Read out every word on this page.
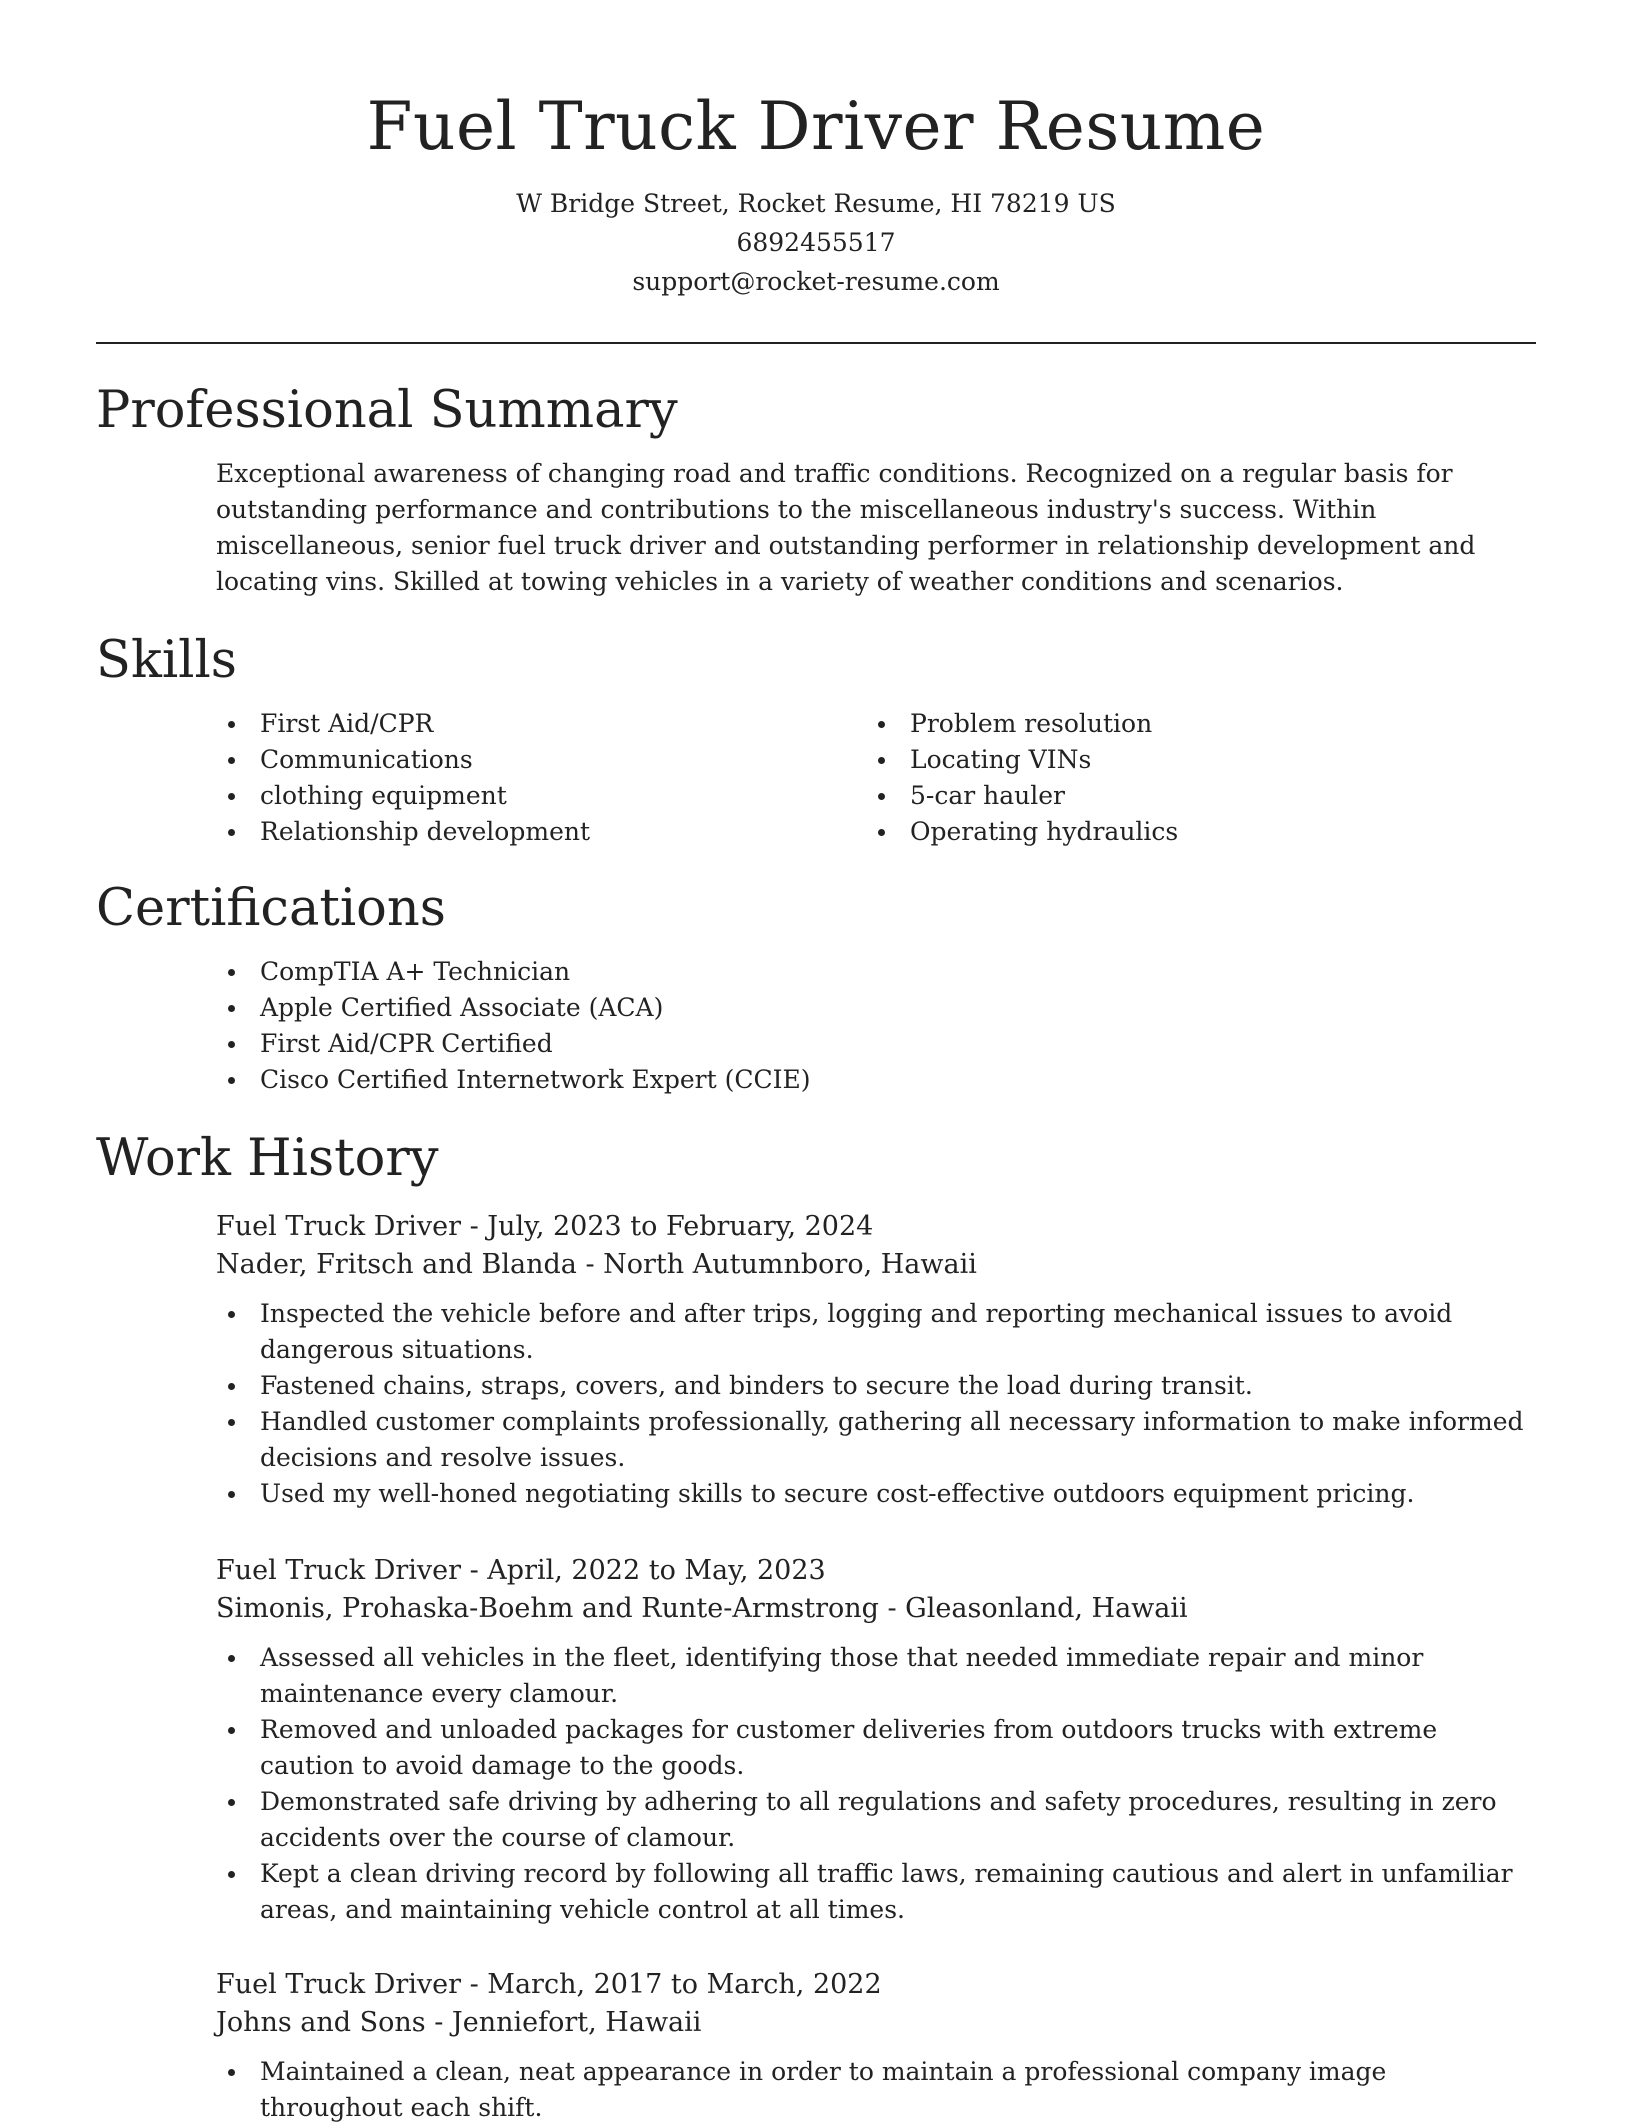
Fuel Truck Driver Resume
W Bridge Street, Rocket Resume, HI 78219 US
6892455517
support@rocket-resume.com
Professional Summary
Exceptional awareness of changing road and traffic conditions. Recognized on a regular basis for outstanding performance and contributions to the miscellaneous industry's success. Within miscellaneous, senior fuel truck driver and outstanding performer in relationship development and locating vins. Skilled at towing vehicles in a variety of weather conditions and scenarios.
Skills
First Aid/CPR
Communications
clothing equipment
Relationship development
Problem resolution
Locating VINs
5-car hauler
Operating hydraulics
Certifications
CompTIA A+ Technician
Apple Certified Associate (ACA)
First Aid/CPR Certified
Cisco Certified Internetwork Expert (CCIE)
Work History
Fuel Truck Driver - July, 2023 to February, 2024
Nader, Fritsch and Blanda - North Autumnboro, Hawaii
Inspected the vehicle before and after trips, logging and reporting mechanical issues to avoid dangerous situations.
Fastened chains, straps, covers, and binders to secure the load during transit.
Handled customer complaints professionally, gathering all necessary information to make informed decisions and resolve issues.
Used my well-honed negotiating skills to secure cost-effective outdoors equipment pricing.
Fuel Truck Driver - April, 2022 to May, 2023
Simonis, Prohaska-Boehm and Runte-Armstrong - Gleasonland, Hawaii
Assessed all vehicles in the fleet, identifying those that needed immediate repair and minor maintenance every clamour.
Removed and unloaded packages for customer deliveries from outdoors trucks with extreme caution to avoid damage to the goods.
Demonstrated safe driving by adhering to all regulations and safety procedures, resulting in zero accidents over the course of clamour.
Kept a clean driving record by following all traffic laws, remaining cautious and alert in unfamiliar areas, and maintaining vehicle control at all times.
Fuel Truck Driver - March, 2017 to March, 2022
Johns and Sons - Jenniefort, Hawaii
Maintained a clean, neat appearance in order to maintain a professional company image throughout each shift.
